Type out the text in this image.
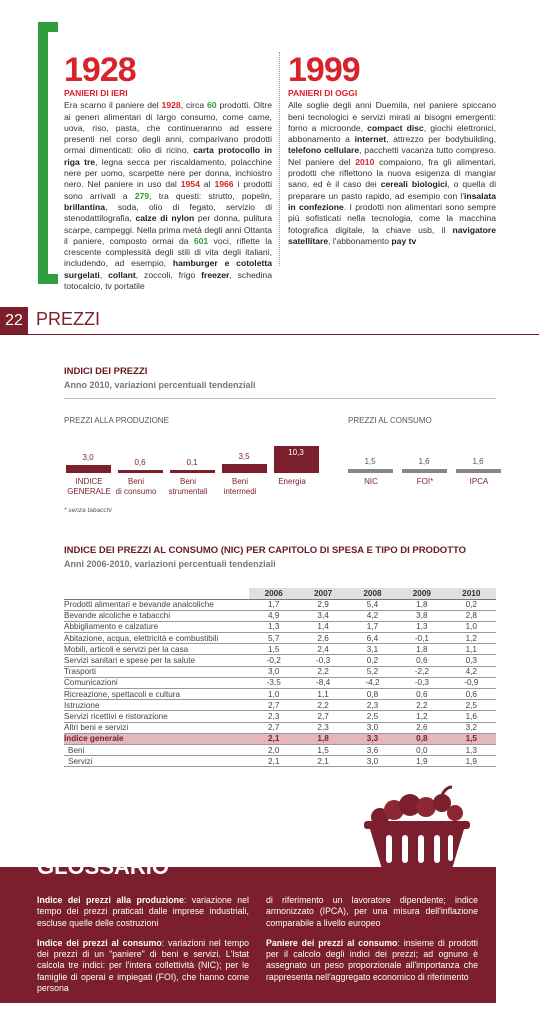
1928
PANIERI DI IERI
Era scarno il paniere del 1928, circa 60 prodotti. Oltre ai generi alimentari di largo consumo, come carne, uova, riso, pasta, che continueranno ad essere presenti nel corso degli anni, comparivano prodotti ormai dimenticati: olio di ricino, carta protocollo in riga tre, legna secca per riscaldamento, polacchine nere per uomo, scarpette nere per donna, inchiostro nero. Nel paniere in uso dal 1954 al 1966 i prodotti sono arrivati a 279, tra questi: strutto, popelin, brillantina, soda, olio di fegato, servizio di stenodattilografia, calze di nylon per donna, pulitura scarpe, campeggi. Nella prima metà degli anni Ottanta il paniere, composto ormai da 601 voci, riflette la crescente complessità degli stili di vita degli italiani, includendo, ad esempio, hamburger e cotoletta surgelati, collant, zoccoli, frigo freezer, schedina totocalcio, tv portatile
1999
PANIERI DI OGGI
Alle soglie degli anni Duemila, nel paniere spiccano beni tecnologici e servizi mirati ai bisogni emergenti: forno a microonde, compact disc, giochi elettronici, abbonamento a internet, attrezzo per bodybuilding, telefono cellulare, pacchetti vacanza tutto compreso. Nel paniere del 2010 compaiono, fra gli alimentari, prodotti che riflettono la nuova esigenza di mangiar sano, ed è il caso dei cereali biologici, o quella di preparare un pasto rapido, ad esempio con l'insalata in confezione. I prodotti non alimentari sono sempre più sofisticati nella tecnologia, come la macchina fotografica digitale, la chiave usb, il navigatore satellitare, l'abbonamento pay tv
22 PREZZI
INDICI DEI PREZZI
Anno 2010, variazioni percentuali tendenziali
PREZZI ALLA PRODUZIONE	PREZZI AL CONSUMO
3,0
0,6	0,1
3,5	10,3
1,5	1,6	1,6
INDICE
GENERALE
Beni
di consumo
Beni
strumentali
Beni
intermedi
Energia	NIC	FOI*	IPCA
* senza tabacchi
INDICE DEI PREZZI AL CONSUMO (NIC) PER CAPITOLO DI SPESA E TIPO DI PRODOTTO
Anni 2006-2010, variazioni percentuali tendenziali
	2006	2007	2008	2009	2010
Prodotti alimentari e bevande analcoliche	1,7	2,9	5,4	1,8	0,2
Bevande alcoliche e tabacchi	4,9	3,4	4,2	3,8	2,8
Abbigliamento e calzature	1,3	1,4	1,7	1,3	1,0
Abitazione, acqua, elettricità e combustibili	5,7	2,6	6,4	-0,1	1,2
Mobili, articoli e servizi per la casa	1,5	2,4	3,1	1,8	1,1
Servizi sanitari e spese per la salute	-0,2	-0,3	0,2	0,6	0,3
Trasporti	3,0	2,2	5,2	-2,2	4,2
Comunicazioni	-3,5	-8,4	-4,2	-0,3	-0,9
Ricreazione, spettacoli e cultura	1,0	1,1	0,8	0,6	0,6
Istruzione	2,7	2,2	2,3	2,2	2,5
Servizi ricettivi e ristorazione	2,3	2,7	2,5	1,2	1,6
Altri beni e servizi	2,7	2,3	3,0	2,6	3,2
Indice generale	2,1	1,8	3,3	0,8	1,5
Beni	2,0	1,5	3,6	0,0	1,3
Servizi	2,1	2,1	3,0	1,9	1,9
GLOSSARIO

Indice dei prezzi alla produzione: variazione nel tempo dei prezzi praticati dalle imprese industriali, escluse quelle delle costruzioni

Indice dei prezzi al consumo: variazioni nel tempo dei prezzi di un "paniere" di beni e servizi. L'Istat calcola tre indici: per l'intera collettività (NIC); per le famiglie di operai e impiegati (FOI), che hanno come persona

di riferimento un lavoratore dipendente; indice armonizzato (IPCA), per una misura dell'inflazione comparabile a livello europeo

Paniere dei prezzi al consumo: insieme di prodotti per il calcolo degli indici dei prezzi; ad ognuno è assegnato un peso proporzionale all'importanza che rappresenta nell'aggregato economico di riferimento
